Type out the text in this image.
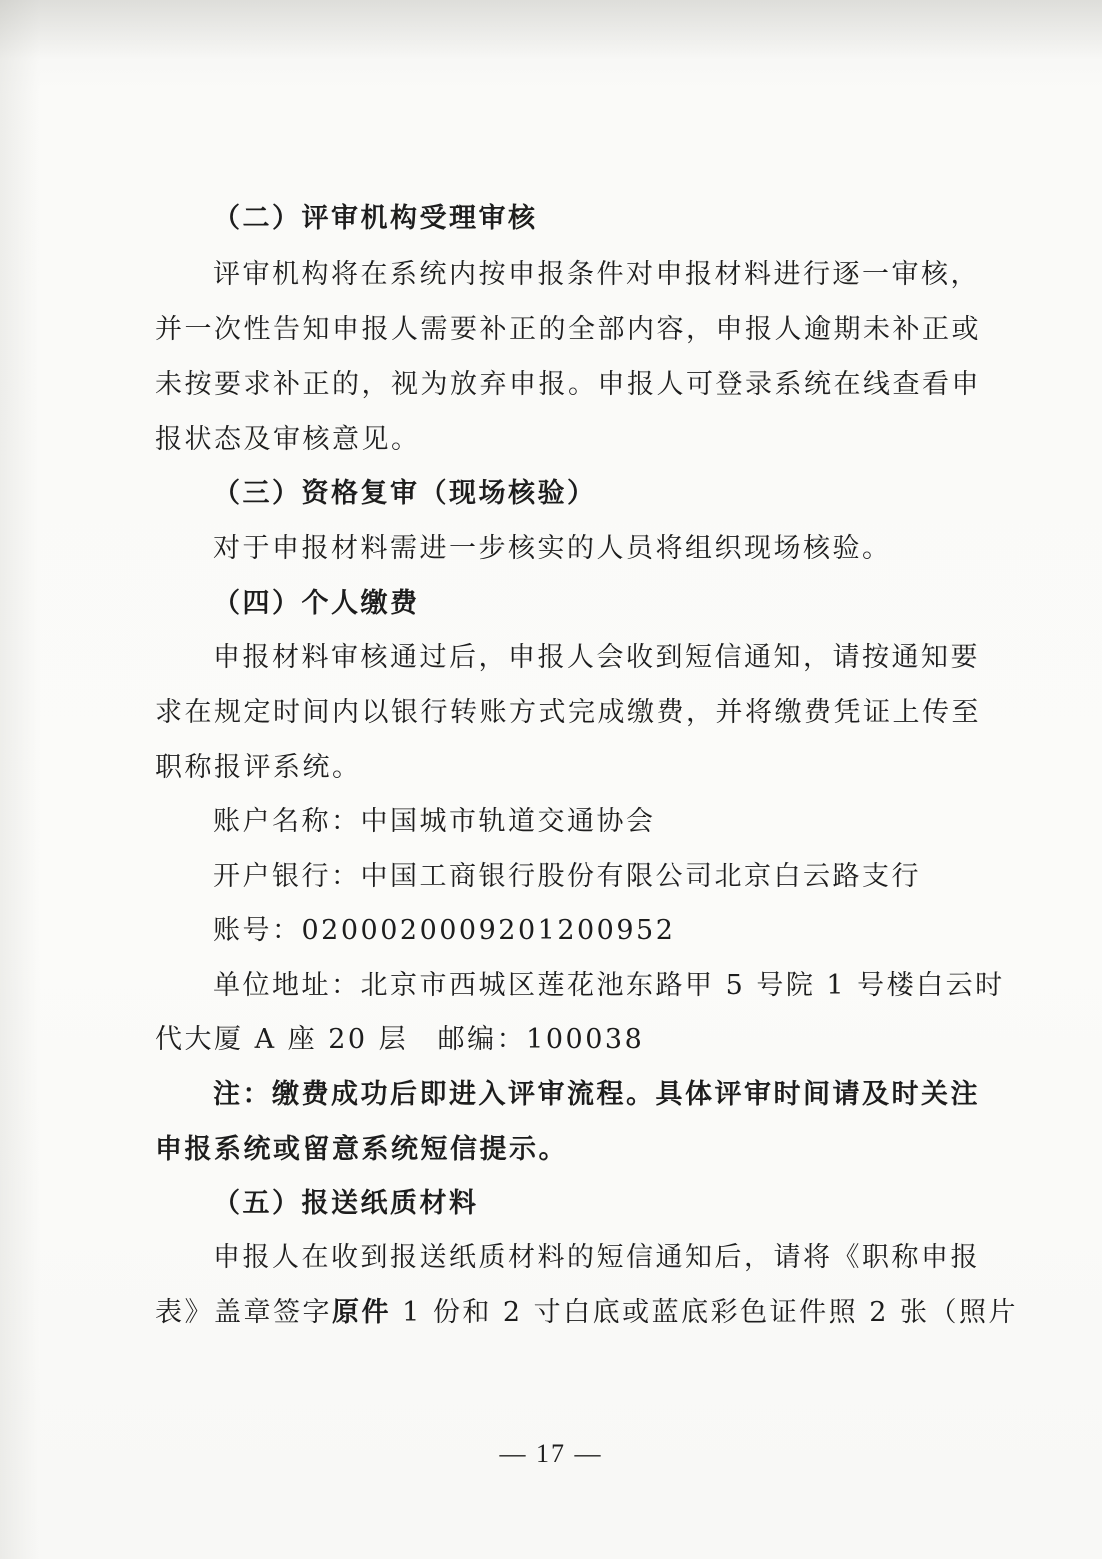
（二）评审机构受理审核
评审机构将在系统内按申报条件对申报材料进行逐一审核，
并一次性告知申报人需要补正的全部内容，申报人逾期未补正或
未按要求补正的，视为放弃申报。申报人可登录系统在线查看申
报状态及审核意见。
（三）资格复审（现场核验）
对于申报材料需进一步核实的人员将组织现场核验。
（四）个人缴费
申报材料审核通过后，申报人会收到短信通知，请按通知要
求在规定时间内以银行转账方式完成缴费，并将缴费凭证上传至
职称报评系统。
账户名称：中国城市轨道交通协会
开户银行：中国工商银行股份有限公司北京白云路支行
账号：0200020009201200952
单位地址：北京市西城区莲花池东路甲 5 号院 1 号楼白云时
代大厦 A 座 20 层　邮编：100038
注：缴费成功后即进入评审流程。具体评审时间请及时关注
申报系统或留意系统短信提示。
（五）报送纸质材料
申报人在收到报送纸质材料的短信通知后，请将《职称申报
表》盖章签字原件 1 份和 2 寸白底或蓝底彩色证件照 2 张（照片
— 17 —
